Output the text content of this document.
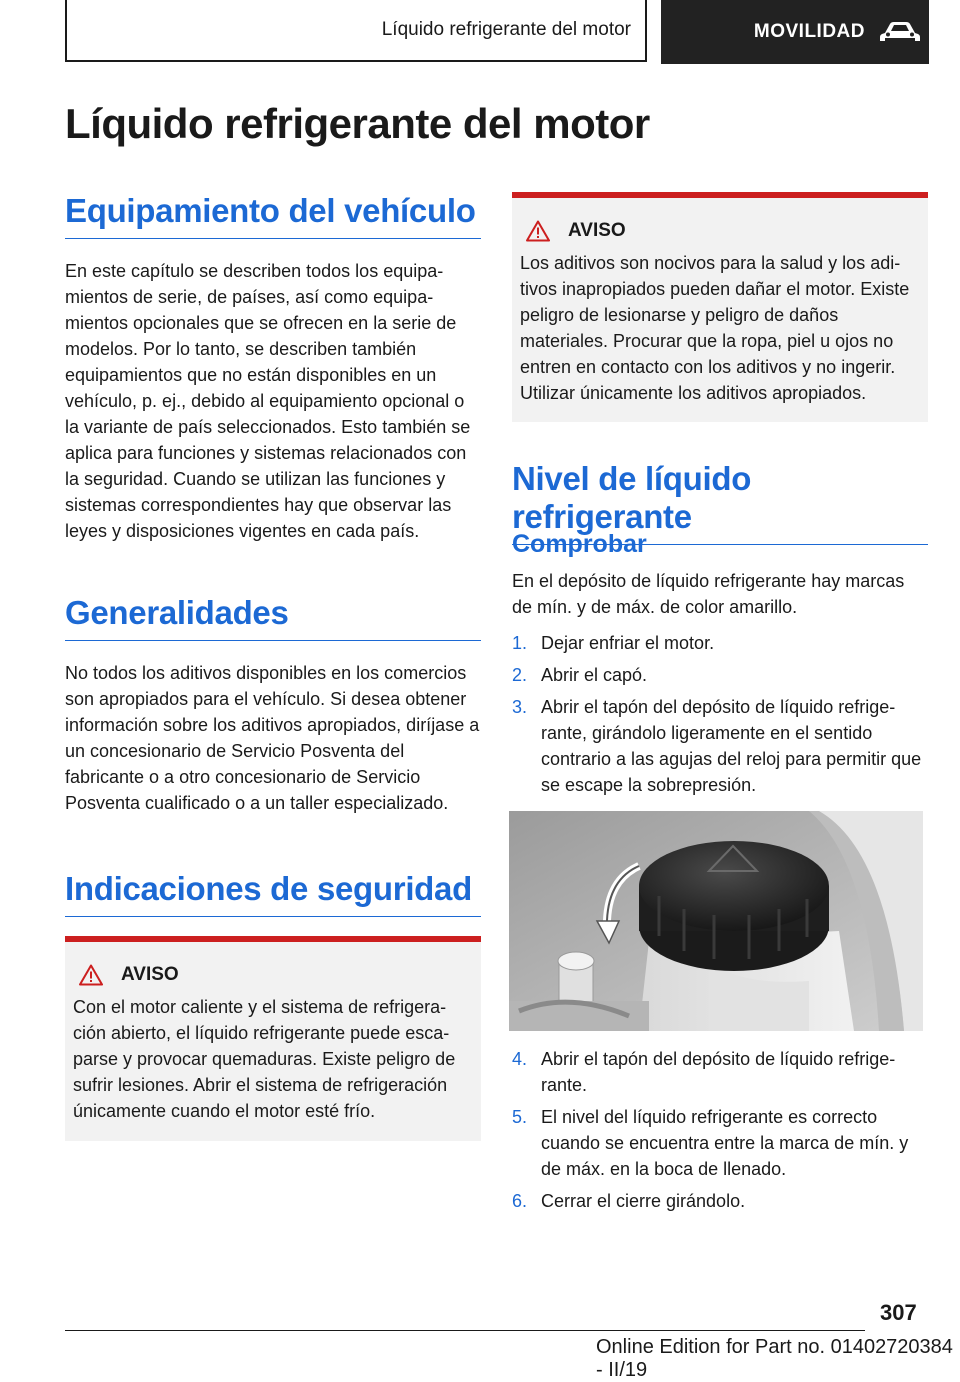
Líquido refrigerante del motor	MOVILIDAD
Líquido refrigerante del motor
Equipamiento del vehículo

En este capítulo se describen todos los equipamientos de serie, de países, así como equipamientos opcionales que se ofrecen en la serie de modelos. Por lo tanto, se describen también equipamientos que no están disponibles en un vehículo, p. ej., debido al equipamiento opcional o la variante de país seleccionados. Esto también se aplica para funciones y sistemas relacionados con la seguridad. Cuando se utilizan las funciones y sistemas correspondientes hay que observar las leyes y disposiciones vigentes en cada país.

Generalidades

No todos los aditivos disponibles en los comercios son apropiados para el vehículo. Si desea obtener información sobre los aditivos apropiados, diríjase a un concesionario de Servicio Posventa del fabricante o a otro concesionario de Servicio Posventa cualificado o a un taller especializado.

Indicaciones de seguridad
AVISO
Con el motor caliente y el sistema de refrigeración abierto, el líquido refrigerante puede escaparse y provocar quemaduras. Existe peligro de sufrir lesiones. Abrir el sistema de refrigeración únicamente cuando el motor esté frío.
AVISO
Los aditivos son nocivos para la salud y los aditivos inapropiados pueden dañar el motor. Existe peligro de lesionarse y peligro de daños materiales. Procurar que la ropa, piel u ojos no entren en contacto con los aditivos y no ingerir. Utilizar únicamente los aditivos apropiados.
Nivel de líquido refrigerante
Comprobar

En el depósito de líquido refrigerante hay marcas de mín. y de máx. de color amarillo.

1. Dejar enfriar el motor.
2. Abrir el capó.
3. Abrir el tapón del depósito de líquido refrigerante, girándolo ligeramente en el sentido contrario a las agujas del reloj para permitir que se escape la sobrepresión.
4. Abrir el tapón del depósito de líquido refrigerante.
5. El nivel del líquido refrigerante es correcto cuando se encuentra entre la marca de mín. y de máx. en la boca de llenado.
6. Cerrar el cierre girándolo.
307
Online Edition for Part no. 01402720384 - II/19
